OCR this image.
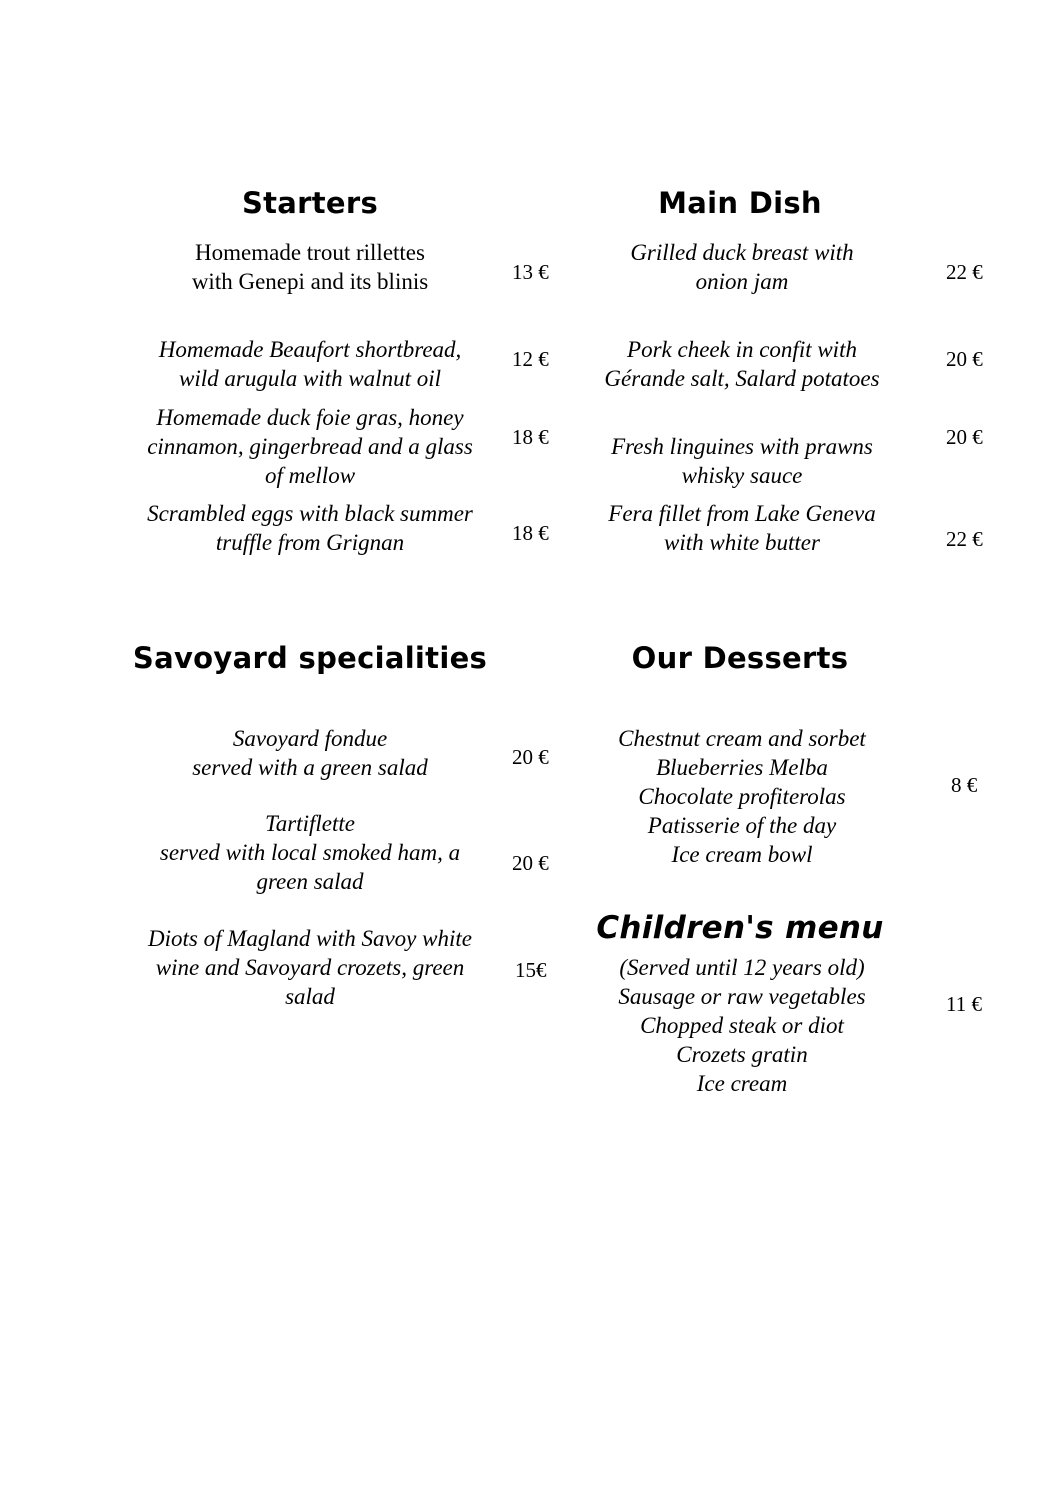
Starters
Homemade trout rillettes
with Genepi and its blinis	13 €
Homemade Beaufort shortbread,
wild arugula with walnut oil
12 €
Homemade duck foie gras, honey
cinnamon, gingerbread and a glass
of mellow
18 €
Scrambled eggs with black summer
truffle from Grignan	18 €
Main Dish
Grilled duck breast with
onion jam	22 €
Pork cheek in confit with
Gérande salt, Salard potatoes
20 €
Fresh linguines with prawns
whisky sauce
20 €
Fera fillet from Lake Geneva
with white butter	22 €
Savoyard specialities
Savoyard fondue
served with a green salad	20 €
Tartiflette
served with local smoked ham, a
green salad
20 €
Diots of Magland with Savoy white
wine and Savoyard crozets, green
salad
15€
Our Desserts
Chestnut cream and sorbet
Blueberries Melba
Chocolate profiterolas
Patisserie of the day
Ice cream bowl
8 €
Children's menu
(Served until 12 years old)
Sausage or raw vegetables
Chopped steak or diot
Crozets gratin
Ice cream
11 €
